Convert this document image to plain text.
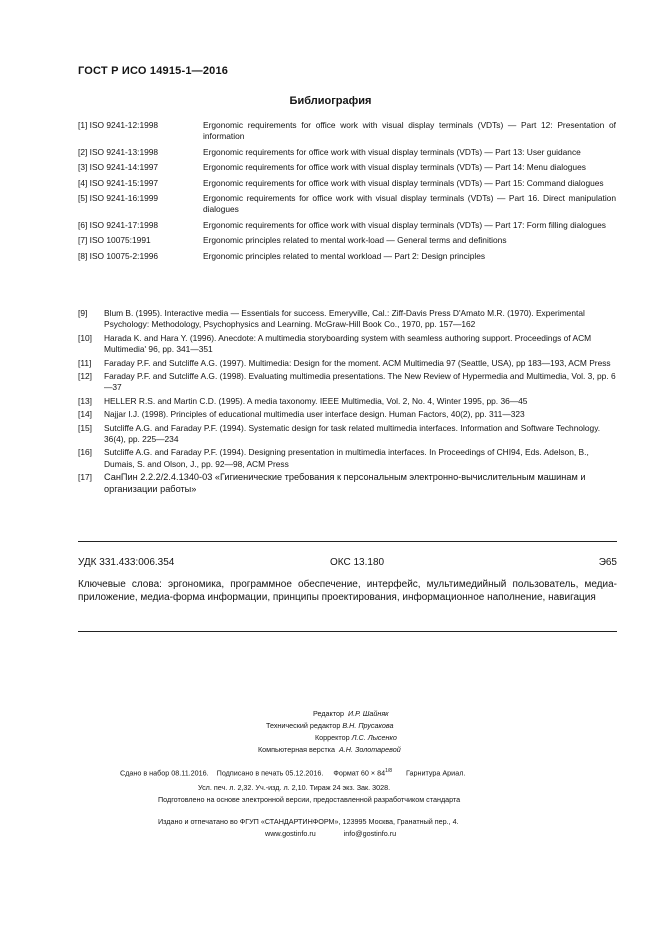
ГОСТ Р ИСО 14915-1—2016
Библиография
[1] ISO 9241-12:1998	Ergonomic requirements for office work with visual display terminals (VDTs) — Part 12: Presentation of information
[2] ISO 9241-13:1998	Ergonomic requirements for office work with visual display terminals (VDTs) — Part 13: User guidance
[3] ISO 9241-14:1997	Ergonomic requirements for office work with visual display terminals (VDTs) — Part 14: Menu dialogues
[4] ISO 9241-15:1997	Ergonomic requirements for office work with visual display terminals (VDTs) — Part 15: Command dialogues
[5] ISO 9241-16:1999	Ergonomic requirements for office work with visual display terminals (VDTs) — Part 16. Direct manipulation dialogues
[6] ISO 9241-17:1998	Ergonomic requirements for office work with visual display terminals (VDTs) — Part 17: Form filling dialogues
[7] ISO 10075:1991	Ergonomic principles related to mental work-load — General terms and definitions
[8] ISO 10075-2:1996	Ergonomic principles related to mental workload — Part 2: Design principles
[9]	Blum B. (1995). Interactive media — Essentials for success. Emeryville, Cal.: Ziff-Davis Press D'Amato M.R. (1970). Experimental Psychology: Methodology, Psychophysics and Learning. McGraw-Hill Book Co., 1970, pp. 157—162
[10]	Harada K. and Hara Y. (1996). Anecdote: A multimedia storyboarding system with seamless authoring support. Proceedings of ACM Multimedia' 96, pp. 341—351
[11]	Faraday P.F. and Sutcliffe A.G. (1997). Multimedia: Design for the moment. ACM Multimedia 97 (Seattle, USA), pp 183—193, ACM Press
[12]	Faraday P.F. and Sutcliffe A.G. (1998). Evaluating multimedia presentations. The New Review of Hypermedia and Multimedia, Vol. 3, pp. 6—37
[13]	HELLER R.S. and Martin C.D. (1995). A media taxonomy. IEEE Multimedia, Vol. 2, No. 4, Winter 1995, pp. 36—45
[14]	Najjar I.J. (1998). Principles of educational multimedia user interface design. Human Factors, 40(2), pp. 311—323
[15]	Sutcliffe A.G. and Faraday P.F. (1994). Systematic design for task related multimedia interfaces. Information and Software Technology. 36(4), pp. 225—234
[16]	Sutcliffe A.G. and Faraday P.F. (1994). Designing presentation in multimedia interfaces. In Proceedings of CHI94, Eds. Adelson, B., Dumais, S. and Olson, J., pp. 92—98, ACM Press
[17]	СанПин 2.2.2/2.4.1340-03 «Гигиенические требования к персональным электронно-вычислительным машинам и организации работы»
УДК 331.433:006.354	ОКС 13.180	Э65
Ключевые слова: эргономика, программное обеспечение, интерфейс, мультимедийный пользователь, медиа-приложение, медиа-форма информации, принципы проектирования, информационное наполнение, навигация
Редактор И.Р. Шайняк
Технический редактор В.Н. Прусакова
Корректор Л.С. Лысенко
Компьютерная верстка А.Н. Золотаревой
Сдано в набор 08.11.2016. Подписано в печать 05.12.2016. Формат $60 \times 84^{1/8}$ Гарнитура Ариал.
Усл. печ. л. 2,32. Уч.-изд. л. 2,10. Тираж 24 экз. Зак. 3028.
Подготовлено на основе электронной версии, предоставленной разработчиком стандарта
Издано и отпечатано во ФГУП «СТАНДАРТИНФОРМ», 123995 Москва, Гранатный пер., 4.
www.gostinfo.ru	info@gostinfo.ru
